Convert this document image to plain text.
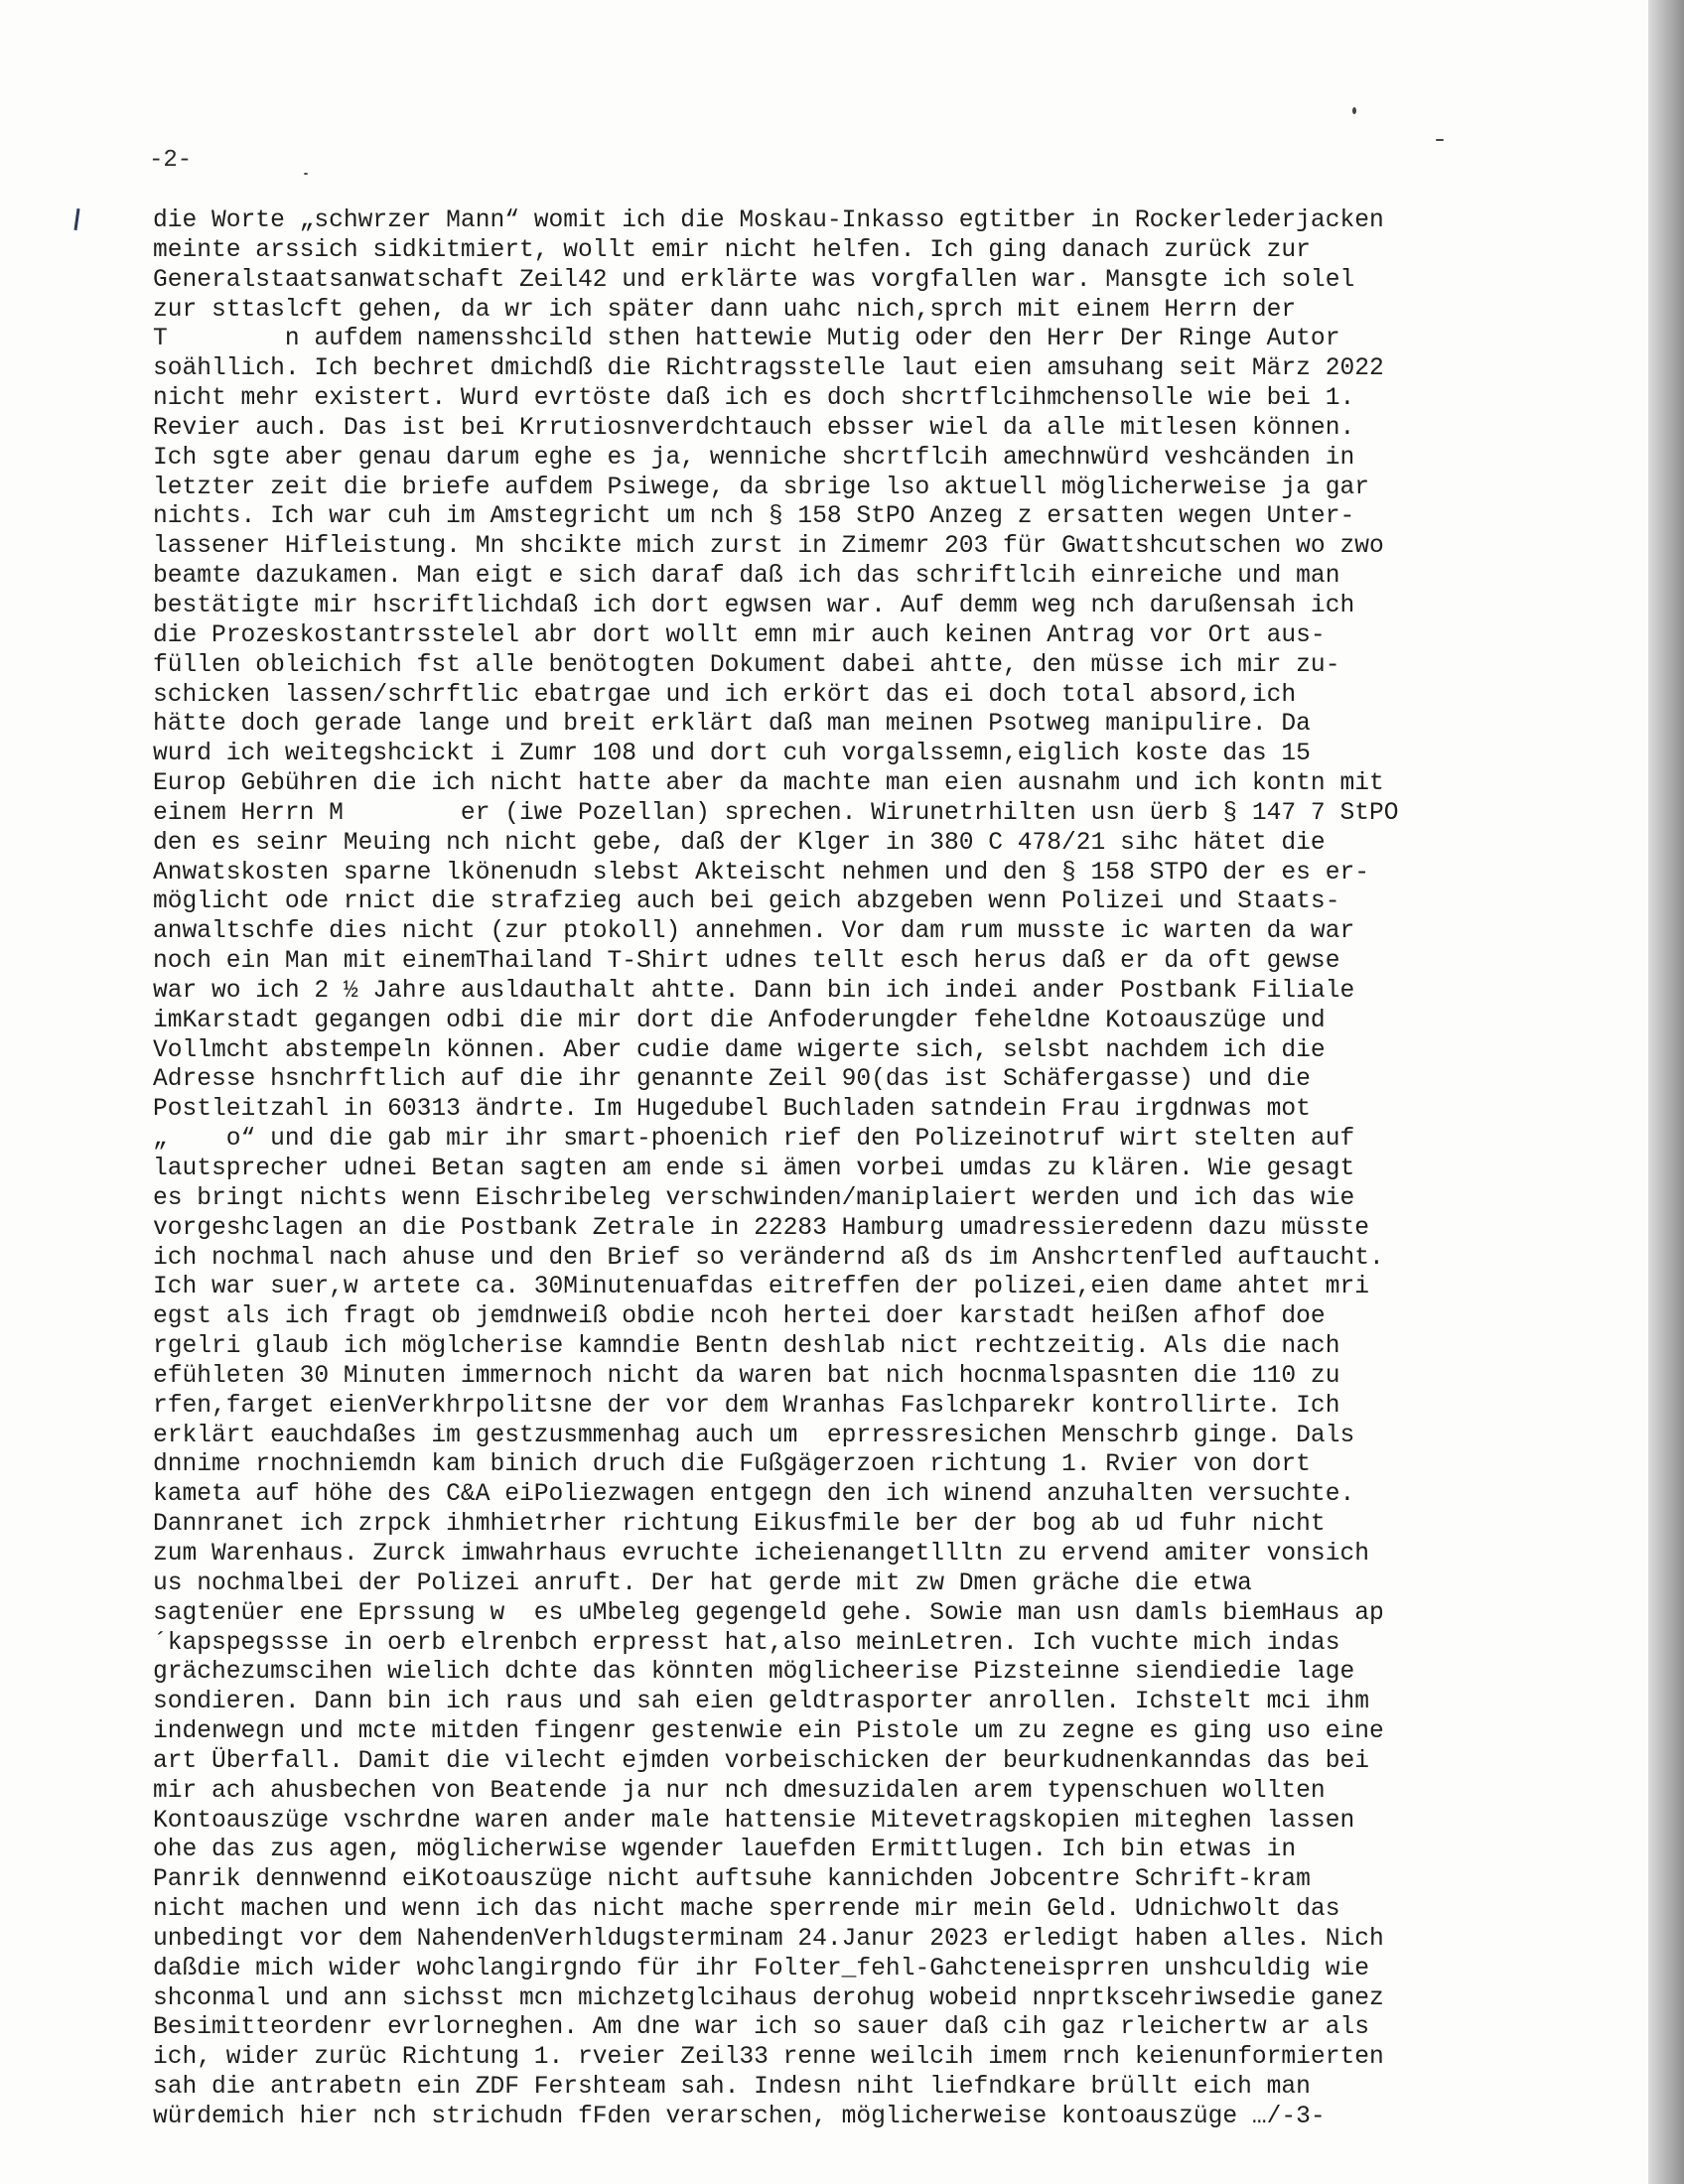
-2-
die Worte „schwrzer Mann“ womit ich die Moskau-Inkasso egtitber in Rockerlederjacken
meinte arssich sidkitmiert, wollt emir nicht helfen. Ich ging danach zurück zur
Generalstaatsanwatschaft Zeil42 und erklärte was vorgfallen war. Mansgte ich solel
zur sttaslcft gehen, da wr ich später dann uahc nich,sprch mit einem Herrn der
T        n aufdem namensshcild sthen hattewie Mutig oder den Herr Der Ringe Autor
soähllich. Ich bechret dmichdß die Richtragsstelle laut eien amsuhang seit März 2022
nicht mehr existert. Wurd evrtöste daß ich es doch shcrtflcihmchensolle wie bei 1.
Revier auch. Das ist bei Krrutiosnverdchtauch ebsser wiel da alle mitlesen können.
Ich sgte aber genau darum eghe es ja, wenniche shcrtflcih amechnwürd veshcänden in
letzter zeit die briefe aufdem Psiwege, da sbrige lso aktuell möglicherweise ja gar
nichts. Ich war cuh im Amstegricht um nch § 158 StPO Anzeg z ersatten wegen Unter-
lassener Hifleistung. Mn shcikte mich zurst in Zimemr 203 für Gwattshcutschen wo zwo
beamte dazukamen. Man eigt e sich daraf daß ich das schriftlcih einreiche und man
bestätigte mir hscriftlichdaß ich dort egwsen war. Auf demm weg nch darußensah ich
die Prozeskostantrsstelel abr dort wollt emn mir auch keinen Antrag vor Ort aus-
füllen obleichich fst alle benötogten Dokument dabei ahtte, den müsse ich mir zu-
schicken lassen/schrftlic ebatrgae und ich erkört das ei doch total absord,ich
hätte doch gerade lange und breit erklärt daß man meinen Psotweg manipulire. Da
wurd ich weitegshcickt i Zumr 108 und dort cuh vorgalssemn,eiglich koste das 15
Europ Gebühren die ich nicht hatte aber da machte man eien ausnahm und ich kontn mit
einem Herrn M        er (iwe Pozellan) sprechen. Wirunetrhilten usn üerb § 147 7 StPO
den es seinr Meuing nch nicht gebe, daß der Klger in 380 C 478/21 sihc hätet die
Anwatskosten sparne lkönenudn slebst Akteischt nehmen und den § 158 STPO der es er-
möglicht ode rnict die strafzieg auch bei geich abzgeben wenn Polizei und Staats-
anwaltschfe dies nicht (zur ptokoll) annehmen. Vor dam rum musste ic warten da war
noch ein Man mit einemThailand T-Shirt udnes tellt esch herus daß er da oft gewse
war wo ich 2 ½ Jahre ausldauthalt ahtte. Dann bin ich indei ander Postbank Filiale
imKarstadt gegangen odbi die mir dort die Anfoderungder feheldne Kotoauszüge und
Vollmcht abstempeln können. Aber cudie dame wigerte sich, selsbt nachdem ich die
Adresse hsnchrftlich auf die ihr genannte Zeil 90(das ist Schäfergasse) und die
Postleitzahl in 60313 ändrte. Im Hugedubel Buchladen satndein Frau irgdnwas mot
„    o“ und die gab mir ihr smart-phoenich rief den Polizeinotruf wirt stelten auf
lautsprecher udnei Betan sagten am ende si ämen vorbei umdas zu klären. Wie gesagt
es bringt nichts wenn Eischribeleg verschwinden/maniplaiert werden und ich das wie
vorgeshclagen an die Postbank Zetrale in 22283 Hamburg umadressieredenn dazu müsste
ich nochmal nach ahuse und den Brief so verändernd aß ds im Anshcrtenfled auftaucht.
Ich war suer,w artete ca. 30Minutenuafdas eitreffen der polizei,eien dame ahtet mri
egst als ich fragt ob jemdnweiß obdie ncoh hertei doer karstadt heißen afhof doe
rgelri glaub ich möglcherise kamndie Bentn deshlab nict rechtzeitig. Als die nach
efühleten 30 Minuten immernoch nicht da waren bat nich hocnmalspasnten die 110 zu
rfen,farget eienVerkhrpolitsne der vor dem Wranhas Faslchparekr kontrollirte. Ich
erklärt eauchdaßes im gestzusmmenhag auch um  eprressresichen Menschrb ginge. Dals
dnnime rnochniemdn kam binich druch die Fußgägerzoen richtung 1. Rvier von dort
kameta auf höhe des C&A eiPoliezwagen entgegn den ich winend anzuhalten versuchte.
Dannranet ich zrpck ihmhietrher richtung Eikusfmile ber der bog ab ud fuhr nicht
zum Warenhaus. Zurck imwahrhaus evruchte icheienangetllltn zu ervend amiter vonsich
us nochmalbei der Polizei anruft. Der hat gerde mit zw Dmen gräche die etwa
sagtenüer ene Eprssung w  es uMbeleg gegengeld gehe. Sowie man usn damls biemHaus ap
´kapspegssse in oerb elrenbch erpresst hat,also meinLetren. Ich vuchte mich indas
grächezumscihen wielich dchte das könnten möglicheerise Pizsteinne siendiedie lage
sondieren. Dann bin ich raus und sah eien geldtrasporter anrollen. Ichstelt mci ihm
indenwegn und mcte mitden fingenr gestenwie ein Pistole um zu zegne es ging uso eine
art Überfall. Damit die vilecht ejmden vorbeischicken der beurkudnenkanndas das bei
mir ach ahusbechen von Beatende ja nur nch dmesuzidalen arem typenschuen wollten
Kontoauszüge vschrdne waren ander male hattensie Mitevetragskopien miteghen lassen
ohe das zus agen, möglicherwise wgender lauefden Ermittlugen. Ich bin etwas in
Panrik dennwennd eiKotoauszüge nicht auftsuhe kannichden Jobcentre Schrift-kram
nicht machen und wenn ich das nicht mache sperrende mir mein Geld. Udnichwolt das
unbedingt vor dem NahendenVerhldugsterminam 24.Janur 2023 erledigt haben alles. Nich
daßdie mich wider wohclangirgndo für ihr Folter_fehl-Gahcteneisprren unshculdig wie
shconmal und ann sichsst mcn michzetglcihaus derohug wobeid nnprtkscehriwsedie ganez
Besimitteordenr evrlorneghen. Am dne war ich so sauer daß cih gaz rleichertw ar als
ich, wider zurüc Richtung 1. rveier Zeil33 renne weilcih imem rnch keienunformierten
sah die antrabetn ein ZDF Fershteam sah. Indesn niht liefndkare brüllt eich man
würdemich hier nch strichudn fFden verarschen, möglicherweise kontoauszüge …/-3-
